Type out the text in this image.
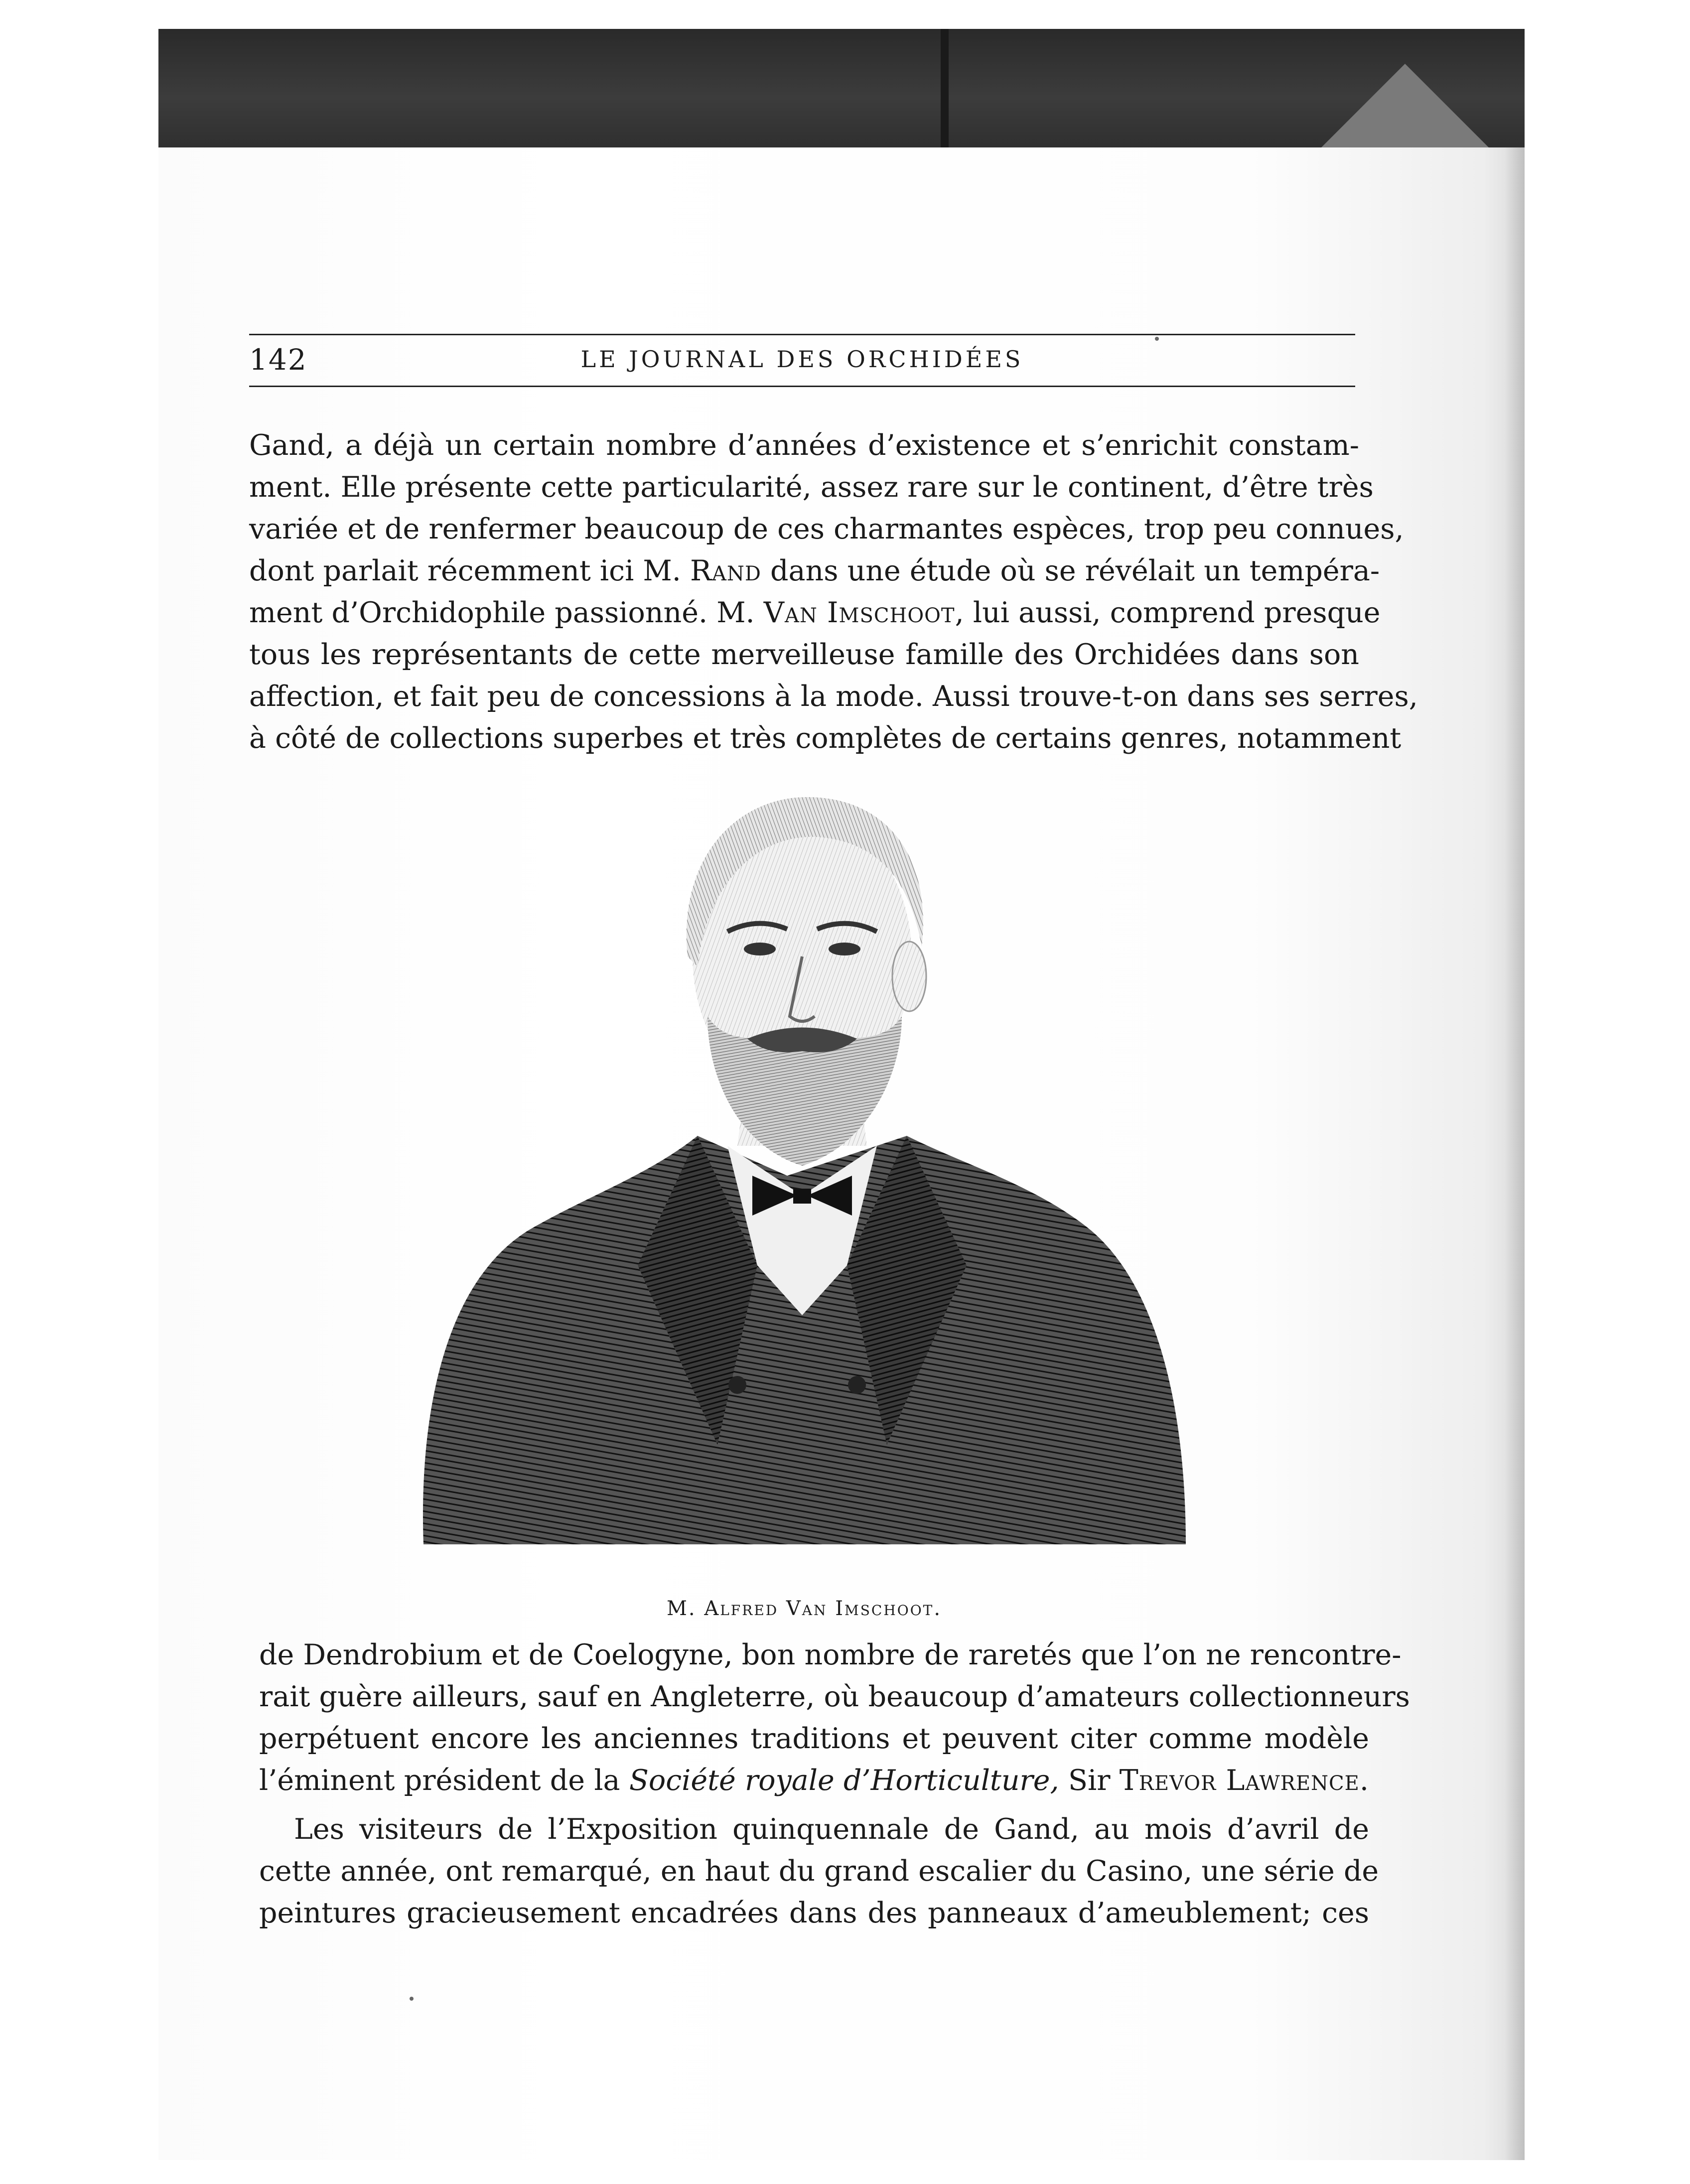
142	LE JOURNAL DES ORCHIDÉES
Gand, a déjà un certain nombre d’années d’existence et s’enrichit constam-
ment. Elle présente cette particularité, assez rare sur le continent, d’être très
variée et de renfermer beaucoup de ces charmantes espèces, trop peu connues,
dont parlait récemment ici M. Rand dans une étude où se révélait un tempéra-
ment d’Orchidophile passionné. M. Van Imschoot, lui aussi, comprend presque
tous les représentants de cette merveilleuse famille des Orchidées dans son
affection, et fait peu de concessions à la mode. Aussi trouve-t-on dans ses serres,
à côté de collections superbes et très complètes de certains genres, notamment
M. Alfred Van Imschoot.
de Dendrobium et de Coelogyne, bon nombre de raretés que l’on ne rencontre-
rait guère ailleurs, sauf en Angleterre, où beaucoup d’amateurs collectionneurs
perpétuent encore les anciennes traditions et peuvent citer comme modèle
l’éminent président de la Société royale d’Horticulture, Sir Trevor Lawrence.
Les visiteurs de l’Exposition quinquennale de Gand, au mois d’avril de
cette année, ont remarqué, en haut du grand escalier du Casino, une série de
peintures gracieusement encadrées dans des panneaux d’ameublement; ces
